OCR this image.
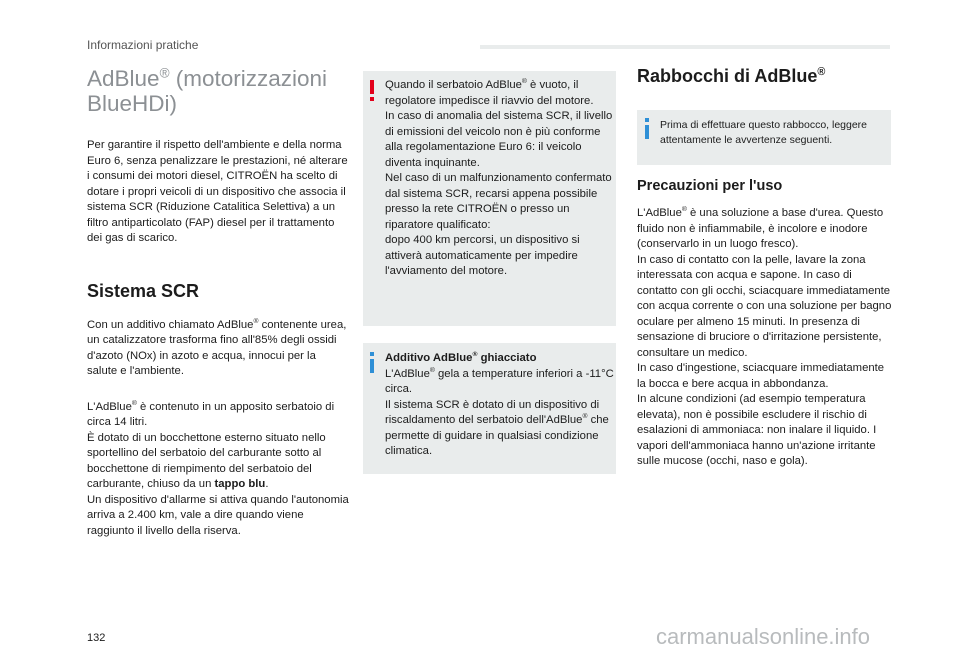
Informazioni pratiche
AdBlue® (motorizzazioni BlueHDi)

Per garantire il rispetto dell'ambiente e della norma Euro 6, senza penalizzare le prestazioni, né alterare i consumi dei motori diesel, CITROËN ha scelto di dotare i propri veicoli di un dispositivo che associa il sistema SCR (Riduzione Catalitica Selettiva) a un filtro antiparticolato (FAP) diesel per il trattamento dei gas di scarico.

Sistema SCR

Con un additivo chiamato AdBlue® contenente urea, un catalizzatore trasforma fino all'85% degli ossidi d'azoto (NOx) in azoto e acqua, innocui per la salute e l'ambiente.

L'AdBlue® è contenuto in un apposito serbatoio di circa 14 litri.

È dotato di un bocchettone esterno situato nello sportellino del serbatoio del carburante sotto al bocchettone di riempimento del serbatoio del carburante, chiuso da un tappo blu.

Un dispositivo d'allarme si attiva quando l'autonomia arriva a 2.400 km, vale a dire quando viene raggiunto il livello della riserva.

Quando il serbatoio AdBlue® è vuoto, il regolatore impedisce il riavvio del motore.

In caso di anomalia del sistema SCR, il livello di emissioni del veicolo non è più conforme alla regolamentazione Euro 6: il veicolo diventa inquinante.

Nel caso di un malfunzionamento confermato dal sistema SCR, recarsi appena possibile presso la rete CITROËN o presso un riparatore qualificato:

dopo 400 km percorsi, un dispositivo si attiverà automaticamente per impedire l'avviamento del motore.

Additivo AdBlue® ghiacciato

L'AdBlue® gela a temperature inferiori a -11°C circa.

Il sistema SCR è dotato di un dispositivo di riscaldamento del serbatoio dell'AdBlue® che permette di guidare in qualsiasi condizione climatica.

Rabbocchi di AdBlue®

Prima di effettuare questo rabbocco, leggere attentamente le avvertenze seguenti.

Precauzioni per l'uso

L'AdBlue® è una soluzione a base d'urea. Questo fluido non è infiammabile, è incolore e inodore (conservarlo in un luogo fresco).

In caso di contatto con la pelle, lavare la zona interessata con acqua e sapone. In caso di contatto con gli occhi, sciacquare immediatamente con acqua corrente o con una soluzione per bagno oculare per almeno 15 minuti. In presenza di sensazione di bruciore o d'irritazione persistente, consultare un medico.

In caso d'ingestione, sciacquare immediatamente la bocca e bere acqua in abbondanza.

In alcune condizioni (ad esempio temperatura elevata), non è possibile escludere il rischio di esalazioni di ammoniaca: non inalare il liquido. I vapori dell'ammoniaca hanno un'azione irritante sulle mucose (occhi, naso e gola).

132	carmanualsonline.info
